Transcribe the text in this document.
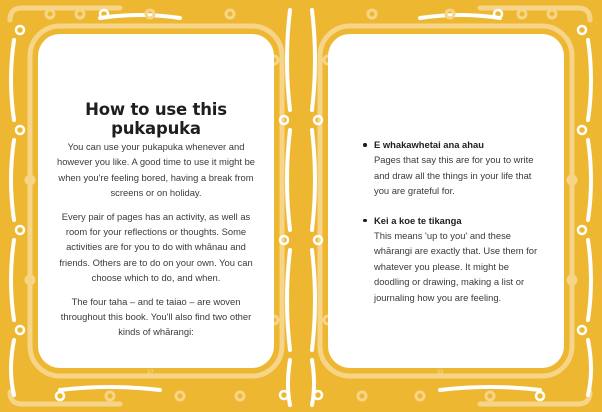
How to use this pukapuka

You can use your pukapuka whenever and however you like. A good time to use it might be when you're feeling bored, having a break from screens or on holiday.

Every pair of pages has an activity, as well as room for your reflections or thoughts. Some activities are for you to do with whānau and friends. Others are to do on your own. You can choose which to do, and when.

The four taha – and te taiao – are woven throughout this book. You'll also find two other kinds of whārangi:

E whakawhetai ana ahau
Pages that say this are for you to write and draw all the things in your life that you are grateful for.
Kei a koe te tikanga
This means 'up to you' and these whārangi are exactly that. Use them for whatever you please. It might be doodling or drawing, making a list or journaling how you are feeling.
32	33
